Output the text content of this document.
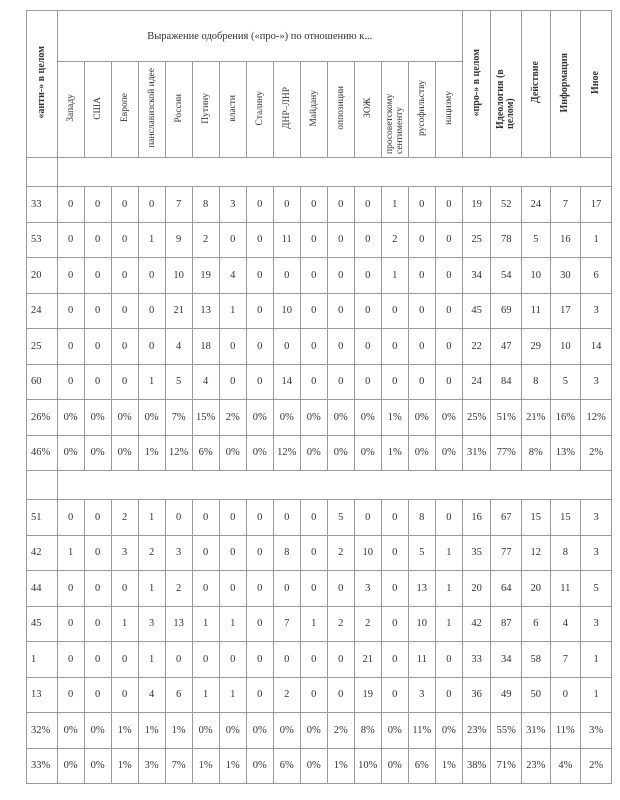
«анти-» в целом	Выражение одобрения («про-») по отношению к...															«про-» в целом	Идеология (в целом)	Действие	Информация	Иное
	Западу	США	Европе	панславизской идее	России	Путину	власти	Сталину	ДНР–ЛНР	Майдану	оппозиции	ЗОЖ	просоветскому сентименту	русофильству	нацизму					

33	0	0	0	0	7	8	3	0	0	0	0	0	1	0	0	19	52	24	7	17
53	0	0	0	1	9	2	0	0	11	0	0	0	2	0	0	25	78	5	16	1
20	0	0	0	0	10	19	4	0	0	0	0	0	1	0	0	34	54	10	30	6
24	0	0	0	0	21	13	1	0	10	0	0	0	0	0	0	45	69	11	17	3
25	0	0	0	0	4	18	0	0	0	0	0	0	0	0	0	22	47	29	10	14
60	0	0	0	1	5	4	0	0	14	0	0	0	0	0	0	24	84	8	5	3
26%	0%	0%	0%	0%	7%	15%	2%	0%	0%	0%	0%	0%	1%	0%	0%	25%	51%	21%	16%	12%
46%	0%	0%	0%	1%	12%	6%	0%	0%	12%	0%	0%	0%	1%	0%	0%	31%	77%	8%	13%	2%

51	0	0	2	1	0	0	0	0	0	0	5	0	0	8	0	16	67	15	15	3
42	1	0	3	2	3	0	0	0	8	0	2	10	0	5	1	35	77	12	8	3
44	0	0	0	1	2	0	0	0	0	0	0	3	0	13	1	20	64	20	11	5
45	0	0	1	3	13	1	1	0	7	1	2	2	0	10	1	42	87	6	4	3
1	0	0	0	1	0	0	0	0	0	0	0	21	0	11	0	33	34	58	7	1
13	0	0	0	4	6	1	1	0	2	0	0	19	0	3	0	36	49	50	0	1
32%	0%	0%	1%	1%	1%	0%	0%	0%	0%	0%	2%	8%	0%	11%	0%	23%	55%	31%	11%	3%
33%	0%	0%	1%	3%	7%	1%	1%	0%	6%	0%	1%	10%	0%	6%	1%	38%	71%	23%	4%	2%
